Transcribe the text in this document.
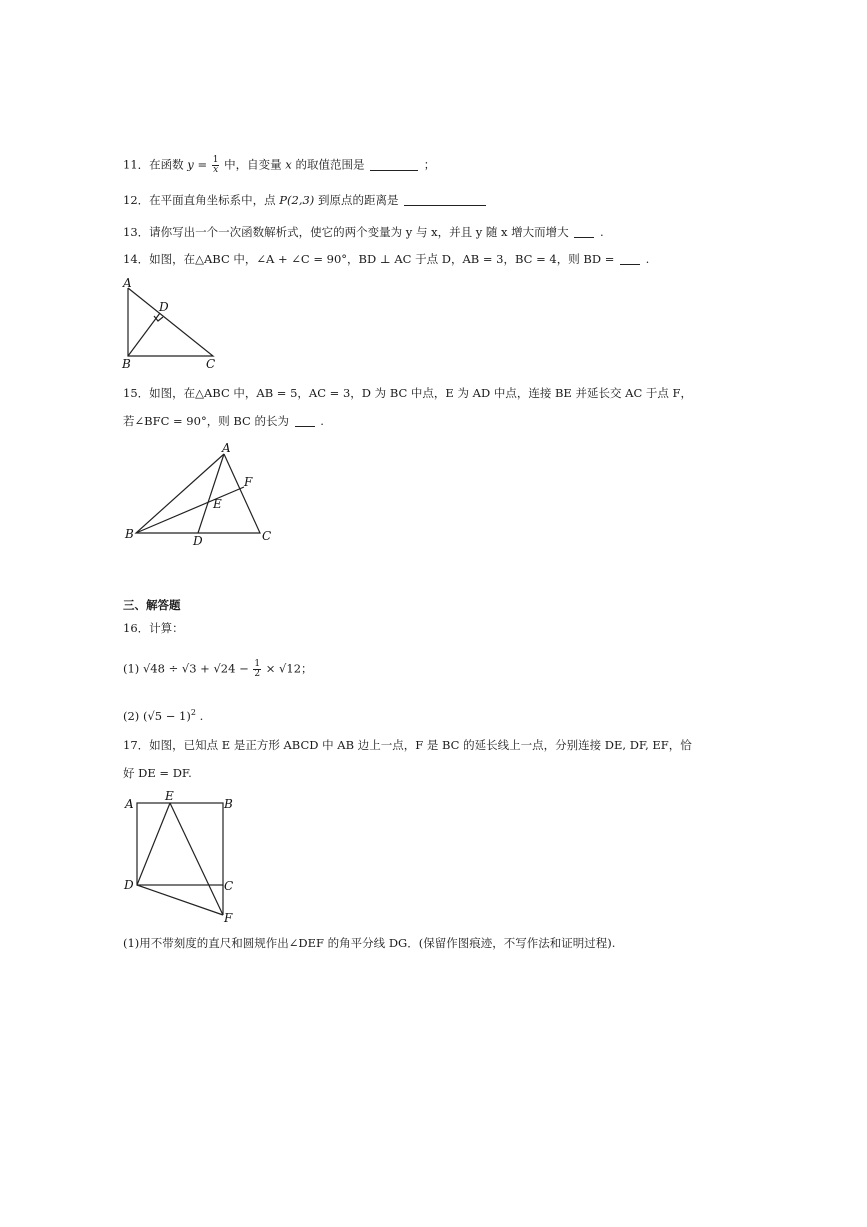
11．在函数 $y = \frac{1}{x}$ 中，自变量 x 的取值范围是	；
12．在平面直角坐标系中，点 P(2,3) 到原点的距离是
13．请你写出一个一次函数解析式，使它的两个变量为 y 与 x，并且 y 随 x 增大而增大	.
14．如图，在△ABC 中，∠A + ∠C = 90°，BD ⊥ AC 于点 D，AB = 3，BC = 4，则 BD =	.
A
D
B	C
15．如图，在△ABC 中，AB = 5，AC = 3，D 为 BC 中点，E 为 AD 中点，连接 BE 并延长交 AC 于点 F，
若∠BFC = 90°，则 BC 的长为	.
A
F
E
B	D	C
三、解答题
16．计算：
(1) $√48 \div √3 + √24 - \frac{1}{2} \times √12$；
(2) $(√5 - 1)^2$ .
17．如图，已知点 E 是正方形 ABCD 中 AB 边上一点，F 是 BC 的延长线上一点，分别连接 DE, DF, EF，恰
好 DE = DF.
A
E
B
D	C
F
(1)用不带刻度的直尺和圆规作出∠DEF 的角平分线 DG．(保留作图痕迹，不写作法和证明过程).
